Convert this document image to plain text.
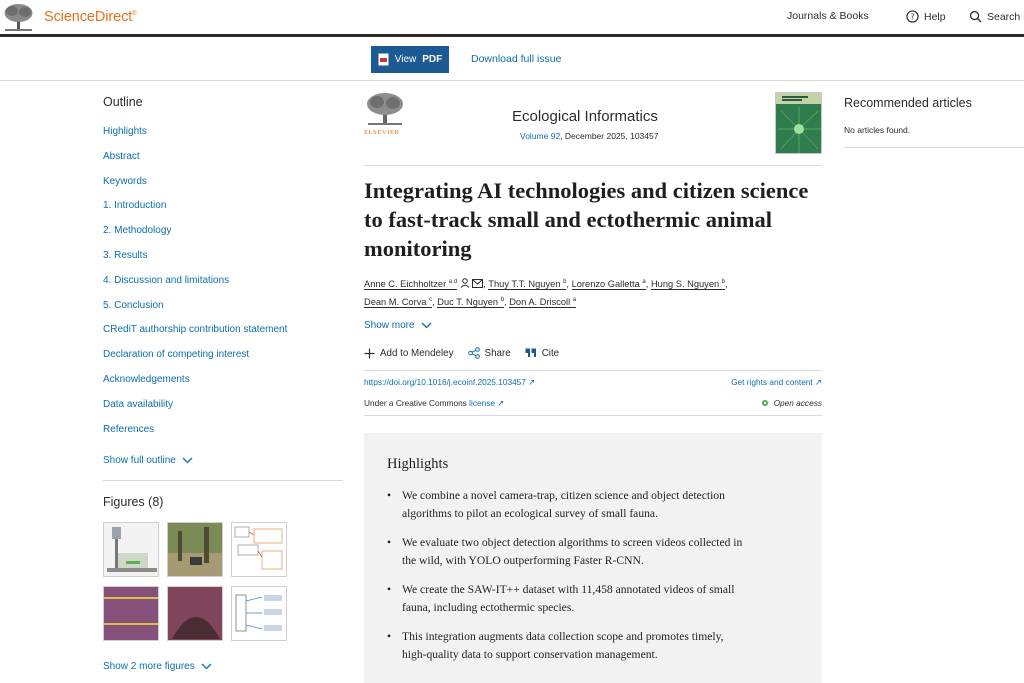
ScienceDirect®	Journals & Books	? Help	Search
View PDF	Download full issue
Outline
Highlights
Abstract
Keywords
1. Introduction
2. Methodology
3. Results
4. Discussion and limitations
5. Conclusion
CRediT authorship contribution statement
Declaration of competing interest
Acknowledgements
Data availability
References
Show full outline
Figures (8)
Show 2 more figures
ELSEVIER
Ecological Informatics
Volume 92, December 2025, 103457
Integrating AI technologies and citizen science to fast-track small and ectothermic animal monitoring
Anne C. Eichholtzer $^{a d}$	, Thuy T.T. Nguyen $^b$, Lorenzo Galletta $^a$, Hung S. Nguyen $^b$,
Dean M. Corva $^c$, Duc T. Nguyen $^b$, Don A. Driscoll $^a$
Show more
Add to Mendeley	Share	Cite
https://doi.org/10.1016/j.ecoinf.2025.103457 ↗	Get rights and content ↗
Under a Creative Commons license ↗	Open access
Highlights
• We combine a novel camera-trap, citizen science and object detection algorithms to pilot an ecological survey of small fauna.
• We evaluate two object detection algorithms to screen videos collected in the wild, with YOLO outperforming Faster R-CNN.
• We create the SAW-IT++ dataset with 11,458 annotated videos of small fauna, including ectothermic species.
• This integration augments data collection scope and promotes timely, high-quality data to support conservation management.
Recommended articles
No articles found.
